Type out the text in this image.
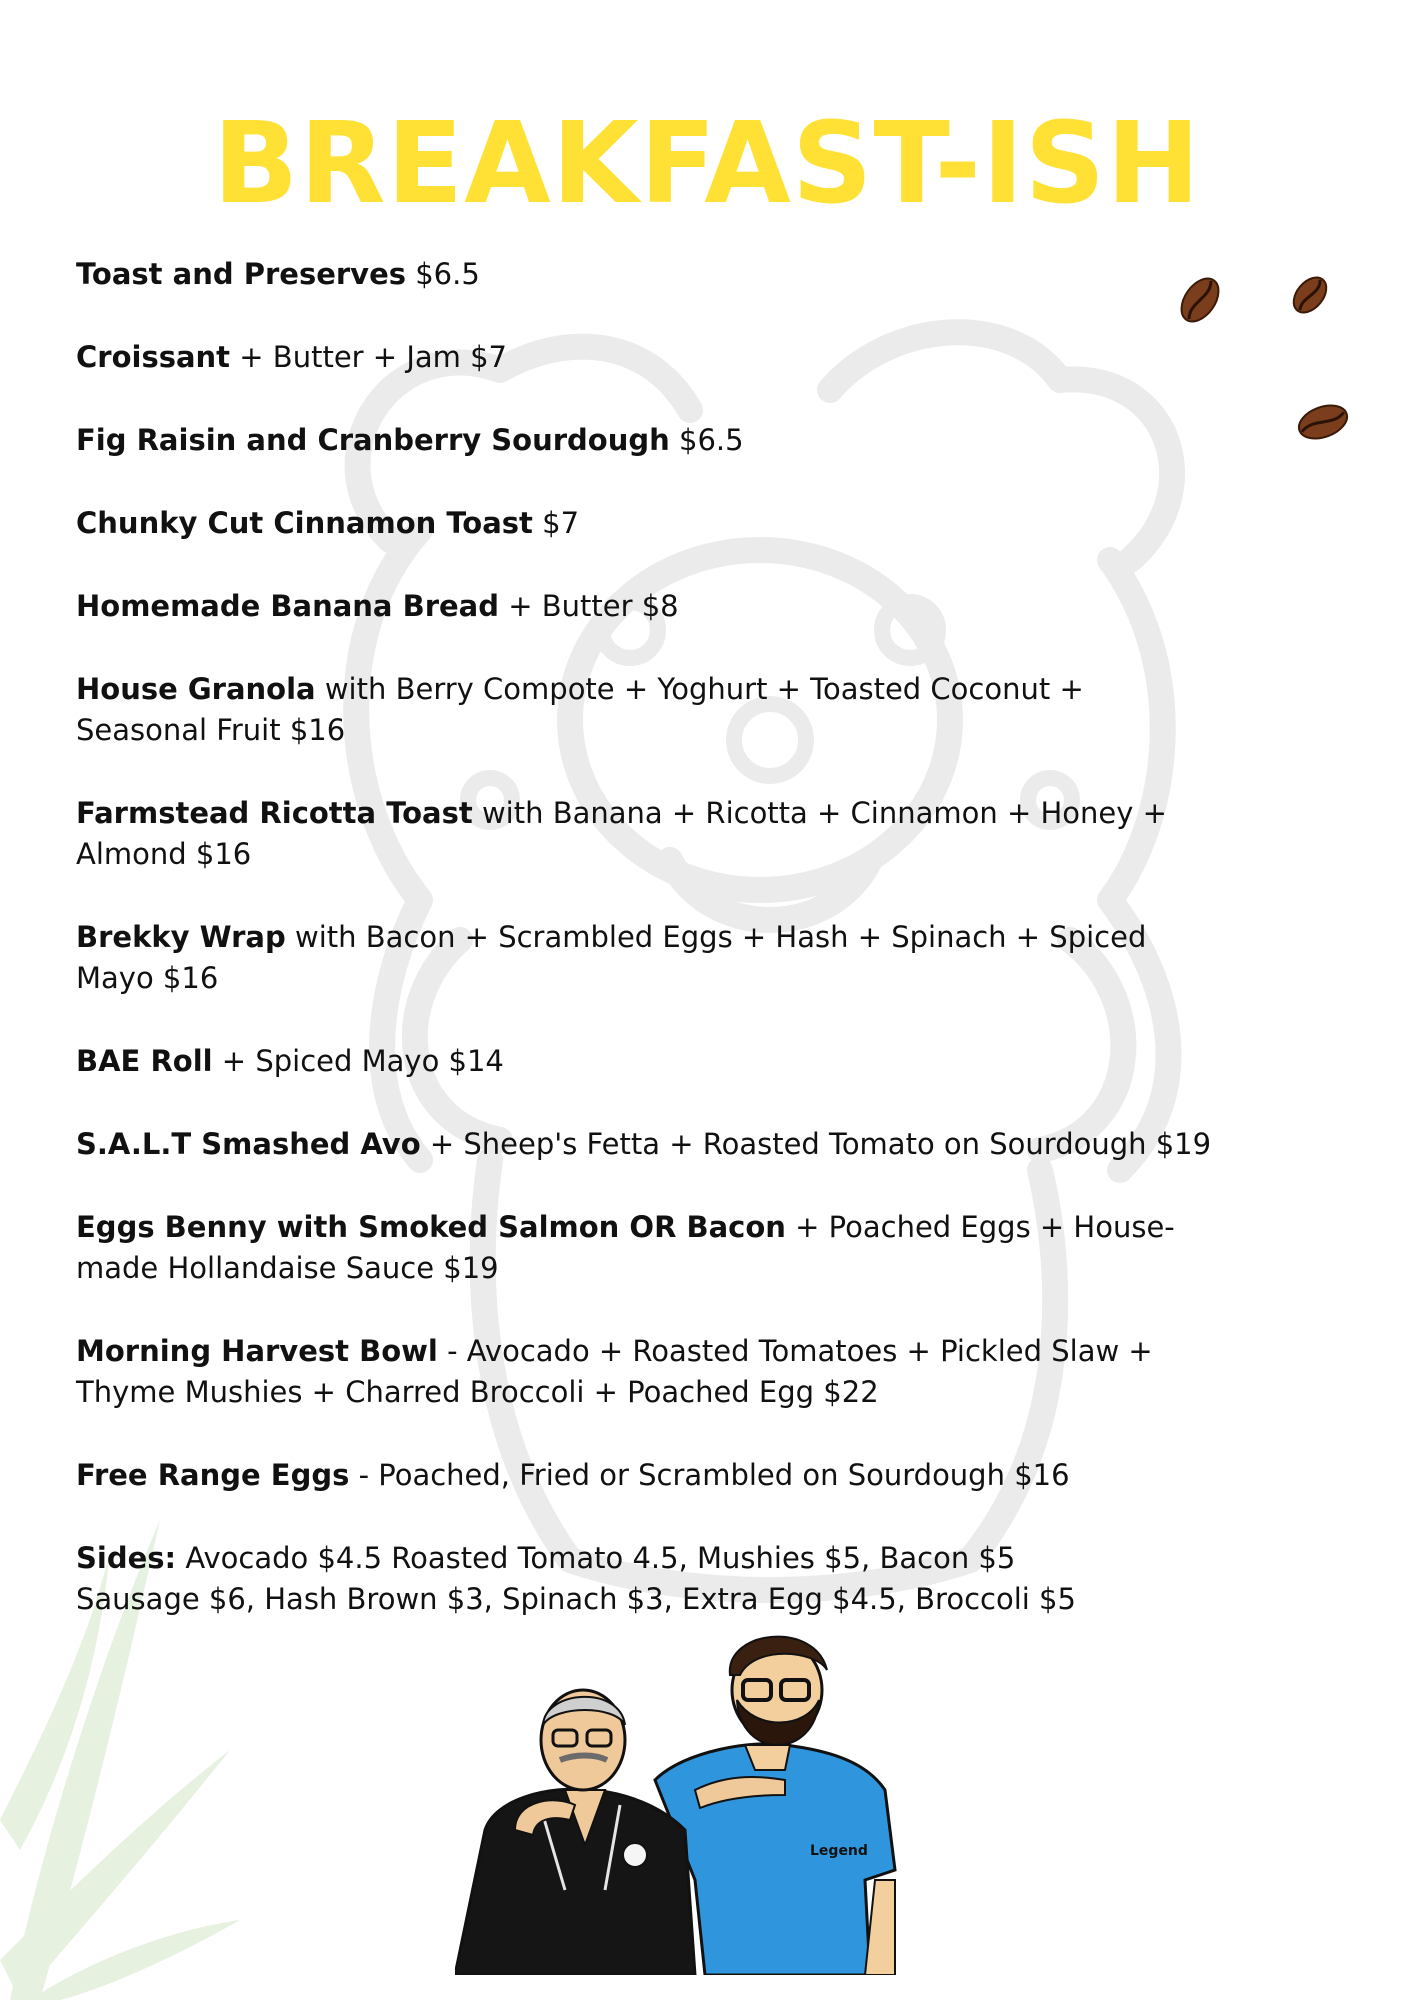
BREAKFAST-ISH
Toast and Preserves $6.5
Croissant + Butter + Jam $7
Fig Raisin and Cranberry Sourdough $6.5
Chunky Cut Cinnamon Toast $7
Homemade Banana Bread + Butter $8
House Granola with Berry Compote + Yoghurt + Toasted Coconut + Seasonal Fruit $16
Farmstead Ricotta Toast with Banana + Ricotta + Cinnamon + Honey + Almond $16
Brekky Wrap with Bacon + Scrambled Eggs + Hash + Spinach + Spiced Mayo $16
BAE Roll + Spiced Mayo $14
S.A.L.T Smashed Avo + Sheep's Fetta + Roasted Tomato on Sourdough $19
Eggs Benny with Smoked Salmon OR Bacon + Poached Eggs + House-made Hollandaise Sauce $19
Morning Harvest Bowl - Avocado + Roasted Tomatoes + Pickled Slaw + Thyme Mushies + Charred Broccoli + Poached Egg $22
Free Range Eggs - Poached, Fried or Scrambled on Sourdough $16
Sides: Avocado $4.5 Roasted Tomato 4.5, Mushies $5, Bacon $5
Sausage $6, Hash Brown $3, Spinach $3, Extra Egg $4.5, Broccoli $5
Legend
